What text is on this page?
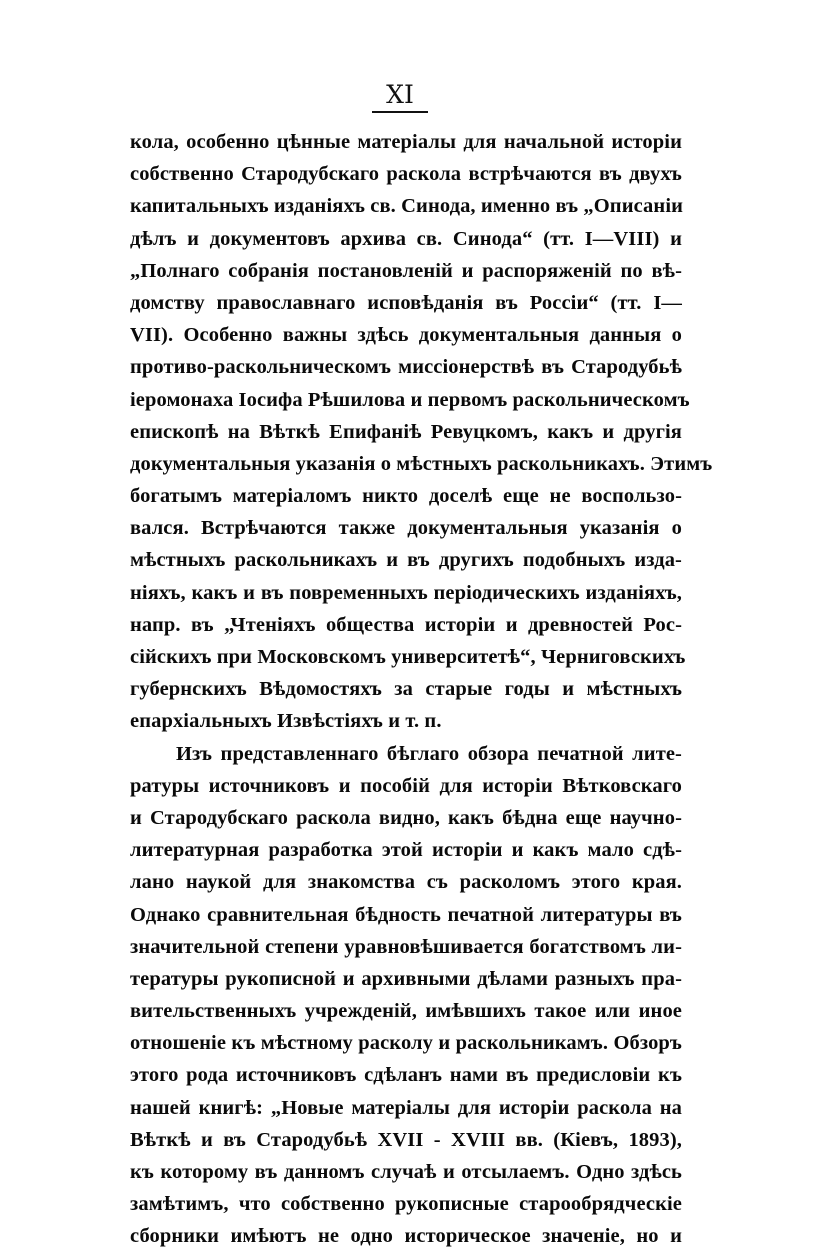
XI
кола, особенно цѣнные матеріалы для начальной исторіи
собственно Стародубскаго раскола встрѣчаются въ двухъ
капитальныхъ изданіяхъ св. Синода, именно въ „Описаніи
дѣлъ и документовъ архива св. Синода“ (тт. I—VIII) и
„Полнаго собранія постановленій и распоряженій по вѣ-
домству православнаго исповѣданія въ Россіи“ (тт. I—
VII). Особенно важны здѣсь документальныя данныя о
противо-раскольническомъ миссіонерствѣ въ Стародубьѣ
іеромонаха Іосифа Рѣшилова и первомъ раскольническомъ
епископѣ на Вѣткѣ Епифаніѣ Ревуцкомъ, какъ и другія
документальныя указанія о мѣстныхъ раскольникахъ. Этимъ
богатымъ матеріаломъ никто доселѣ еще не воспользо-
вался. Встрѣчаются также документальныя указанія о
мѣстныхъ раскольникахъ и въ другихъ подобныхъ изда-
ніяхъ, какъ и въ повременныхъ періодическихъ изданіяхъ,
напр. въ „Чтеніяхъ общества исторіи и древностей Рос-
сійскихъ при Московскомъ университетѣ“, Черниговскихъ
губернскихъ Вѣдомостяхъ за старые годы и мѣстныхъ
епархіальныхъ Извѣстіяхъ и т. п.
Изъ представленнаго бѣглаго обзора печатной лите-
ратуры источниковъ и пособій для исторіи Вѣтковскаго
и Стародубскаго раскола видно, какъ бѣдна еще научно-
литературная разработка этой исторіи и какъ мало сдѣ-
лано наукой для знакомства съ расколомъ этого края.
Однако сравнительная бѣдность печатной литературы въ
значительной степени уравновѣшивается богатствомъ ли-
тературы рукописной и архивными дѣлами разныхъ пра-
вительственныхъ учрежденій, имѣвшихъ такое или иное
отношеніе къ мѣстному расколу и раскольникамъ. Обзоръ
этого рода источниковъ сдѣланъ нами въ предисловіи къ
нашей книгѣ: „Новые матеріалы для исторіи раскола на
Вѣткѣ и въ Стародубьѣ XVII - XVIII вв. (Кіевъ, 1893),
къ которому въ данномъ случаѣ и отсылаемъ. Одно здѣсь
замѣтимъ, что собственно рукописные старообрядческіе
сборники имѣютъ не одно историческое значеніе, но и
